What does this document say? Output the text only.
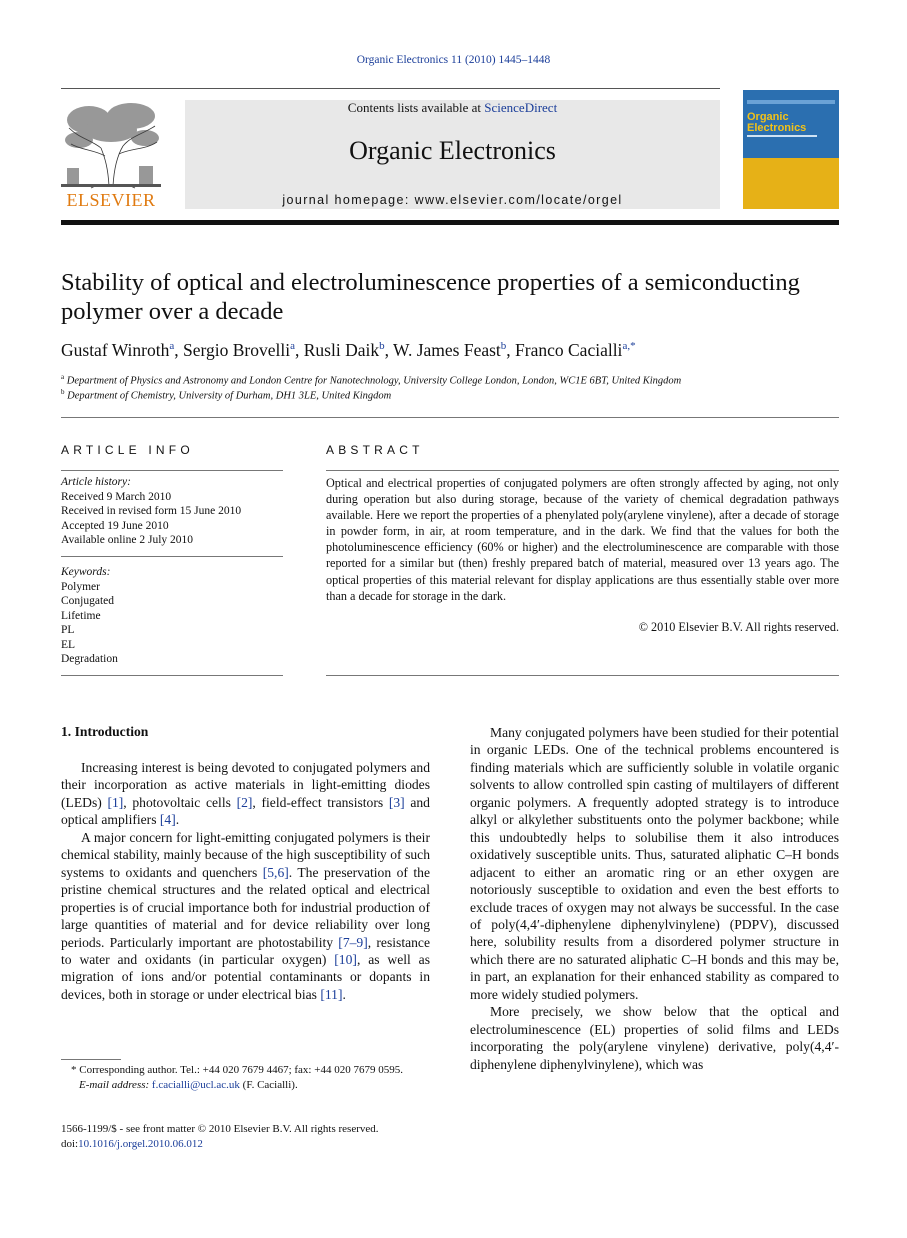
Organic Electronics 11 (2010) 1445–1448
ELSEVIER
Contents lists available at ScienceDirect
Organic Electronics
journal homepage: www.elsevier.com/locate/orgel
Organic
Electronics
Stability of optical and electroluminescence properties of a semiconducting polymer over a decade
Gustaf Winroth$^a$, Sergio Brovelli$^a$, Rusli Daik$^b$, W. James Feast$^b$, Franco Cacialli$^{a,*}$
$^a$ Department of Physics and Astronomy and London Centre for Nanotechnology, University College London, London, WC1E 6BT, United Kingdom
$^b$ Department of Chemistry, University of Durham, DH1 3LE, United Kingdom
ARTICLE INFO	ABSTRACT
Article history:
Received 9 March 2010
Received in revised form 15 June 2010
Accepted 19 June 2010
Available online 2 July 2010
Keywords:
Polymer
Conjugated
Lifetime
PL
EL
Degradation
Optical and electrical properties of conjugated polymers are often strongly affected by aging, not only during operation but also during storage, because of the variety of chemical degradation pathways available. Here we report the properties of a phenylated poly(arylene vinylene), after a decade of storage in powder form, in air, at room temperature, and in the dark. We find that the values for both the photoluminescence efficiency (60% or higher) and the electroluminescence are comparable with those reported for a similar but (then) freshly prepared batch of material, measured over 13 years ago. The optical properties of this material relevant for display applications are thus essentially stable over more than a decade for storage in the dark.
© 2010 Elsevier B.V. All rights reserved.
1. Introduction

Increasing interest is being devoted to conjugated polymers and their incorporation as active materials in light-emitting diodes (LEDs) [1], photovoltaic cells [2], field-effect transistors [3] and optical amplifiers [4].

A major concern for light-emitting conjugated polymers is their chemical stability, mainly because of the high susceptibility of such systems to oxidants and quenchers [5,6]. The preservation of the pristine chemical structures and the related optical and electrical properties is of crucial importance both for industrial production of large quantities of material and for device reliability over long periods. Particularly important are photostability [7–9], resistance to water and oxidants (in particular oxygen) [10], as well as migration of ions and/or potential contaminants or dopants in devices, both in storage or under electrical bias [11].

Many conjugated polymers have been studied for their potential in organic LEDs. One of the technical problems encountered is finding materials which are sufficiently soluble in volatile organic solvents to allow controlled spin casting of multilayers of different organic polymers. A frequently adopted strategy is to introduce alkyl or alkylether substituents onto the polymer backbone; while this undoubtedly helps to solubilise them it also introduces oxidatively susceptible units. Thus, saturated aliphatic C–H bonds adjacent to either an aromatic ring or an ether oxygen are notoriously susceptible to oxidation and even the best efforts to exclude traces of oxygen may not always be successful. In the case of poly(4,4′-diphenylene diphenylvinylene) (PDPV), discussed here, solubility results from a disordered polymer structure in which there are no saturated aliphatic C–H bonds and this may be, in part, an explanation for their enhanced stability as compared to more widely studied polymers.

More precisely, we show below that the optical and electroluminescence (EL) properties of solid films and LEDs incorporating the poly(arylene vinylene) derivative, poly(4,4′-diphenylene diphenylvinylene), which was

* Corresponding author. Tel.: +44 020 7679 4467; fax: +44 020 7679 0595.
E-mail address: f.cacialli@ucl.ac.uk (F. Cacialli).
1566-1199/$ - see front matter © 2010 Elsevier B.V. All rights reserved.
doi:10.1016/j.orgel.2010.06.012
